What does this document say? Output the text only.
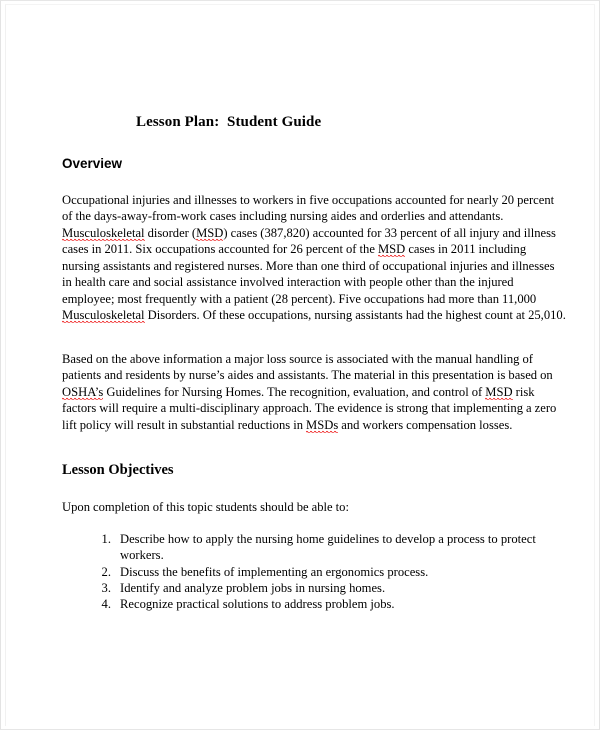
Lesson Plan:  Student Guide
Overview

Occupational injuries and illnesses to workers in five occupations accounted for nearly 20 percent of the days-away-from-work cases including nursing aides and orderlies and attendants. Musculoskeletal disorder (MSD) cases (387,820) accounted for 33 percent of all injury and illness cases in 2011. Six occupations accounted for 26 percent of the MSD cases in 2011 including nursing assistants and registered nurses. More than one third of occupational injuries and illnesses in health care and social assistance involved interaction with people other than the injured employee; most frequently with a patient (28 percent). Five occupations had more than 11,000 Musculoskeletal Disorders. Of these occupations, nursing assistants had the highest count at 25,010.

Based on the above information a major loss source is associated with the manual handling of patients and residents by nurse’s aides and assistants. The material in this presentation is based on OSHA’s Guidelines for Nursing Homes. The recognition, evaluation, and control of MSD risk factors will require a multi-disciplinary approach. The evidence is strong that implementing a zero lift policy will result in substantial reductions in MSDs and workers compensation losses.

Lesson Objectives

Upon completion of this topic students should be able to:

1. Describe how to apply the nursing home guidelines to develop a process to protect workers.
2. Discuss the benefits of implementing an ergonomics process.
3. Identify and analyze problem jobs in nursing homes.
4. Recognize practical solutions to address problem jobs.
